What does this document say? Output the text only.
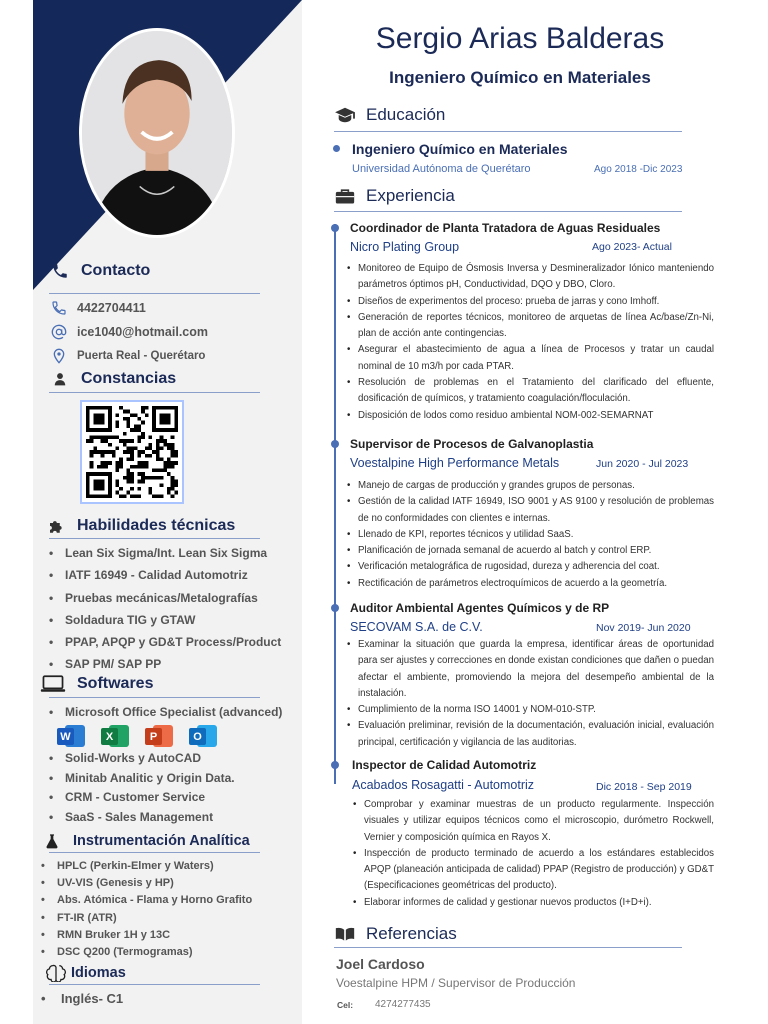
Contacto
4422704411
ice1040@hotmail.com
Puerta Real - Querétaro
Constancias
Habilidades técnicas
• Lean Six Sigma/Int. Lean Six Sigma
• IATF 16949 - Calidad Automotriz
• Pruebas mecánicas/Metalografías
• Soldadura TIG y GTAW
• PPAP, APQP y GD&T Process/Product
• SAP PM/ SAP PP
Softwares
• Microsoft Office Specialist (advanced)
W	X	P	O
• Solid-Works y AutoCAD
• Minitab Analitic y Origin Data.
• CRM - Customer Service
• SaaS - Sales Management
Instrumentación Analítica
• HPLC (Perkin-Elmer y Waters)
• UV-VIS (Genesis y HP)
• Abs. Atómica - Flama y Horno Grafito
• FT-IR (ATR)
• RMN Bruker 1H y 13C
• DSC Q200 (Termogramas)
Idiomas
• Inglés- C1
Sergio Arias Balderas
Ingeniero Químico en Materiales
Educación
Ingeniero Químico en Materiales
Universidad Autónoma de Querétaro	Ago 2018 -Dic 2023
Experiencia
Coordinador de Planta Tratadora de Aguas Residuales
Nicro Plating Group	Ago 2023- Actual
• Monitoreo de Equipo de Ósmosis Inversa y Desmineralizador Iónico manteniendo parámetros óptimos pH, Conductividad, DQO y DBO, Cloro.
• Diseños de experimentos del proceso: prueba de jarras y cono Imhoff.
• Generación de reportes técnicos, monitoreo de arquetas de línea Ac/base/Zn-Ni, plan de acción ante contingencias.
• Asegurar el abastecimiento de agua a línea de Procesos y tratar un caudal nominal de 10 m3/h por cada PTAR.
• Resolución de problemas en el Tratamiento del clarificado del efluente, dosificación de químicos, y tratamiento coagulación/floculación.
• Disposición de lodos como residuo ambiental NOM-002-SEMARNAT
Supervisor de Procesos de Galvanoplastia
Voestalpine High Performance Metals	Jun 2020 - Jul 2023
• Manejo de cargas de producción y grandes grupos de personas.
• Gestión de la calidad IATF 16949, ISO 9001 y AS 9100 y resolución de problemas de no conformidades con clientes e internas.
• Llenado de KPI, reportes técnicos y utilidad SaaS.
• Planificación de jornada semanal de acuerdo al batch y control ERP.
• Verificación metalográfica de rugosidad, dureza y adherencia del coat.
• Rectificación de parámetros electroquímicos de acuerdo a la geometría.
Auditor Ambiental Agentes Químicos y de RP
SECOVAM S.A. de C.V.	Nov 2019- Jun 2020
• Examinar la situación que guarda la empresa, identificar áreas de oportunidad para ser ajustes y correcciones en donde existan condiciones que dañen o puedan afectar el ambiente, promoviendo la mejora del desempeño ambiental de la instalación.
• Cumplimiento de la norma ISO 14001 y NOM-010-STP.
• Evaluación preliminar, revisión de la documentación, evaluación inicial, evaluación principal, certificación y vigilancia de las auditorias.
Inspector de Calidad Automotriz
Acabados Rosagatti - Automotriz	Dic 2018 - Sep 2019
• Comprobar y examinar muestras de un producto regularmente. Inspección visuales y utilizar equipos técnicos como el microscopio, durómetro Rockwell, Vernier y composición química en Rayos X.
• Inspección de producto terminado de acuerdo a los estándares establecidos APQP (planeación anticipada de calidad) PPAP (Registro de producción) y GD&T (Especificaciones geométricas del producto).
• Elaborar informes de calidad y gestionar nuevos productos (I+D+i).
Referencias
Joel Cardoso
Voestalpine HPM / Supervisor de Producción
Cel: 4274277435
